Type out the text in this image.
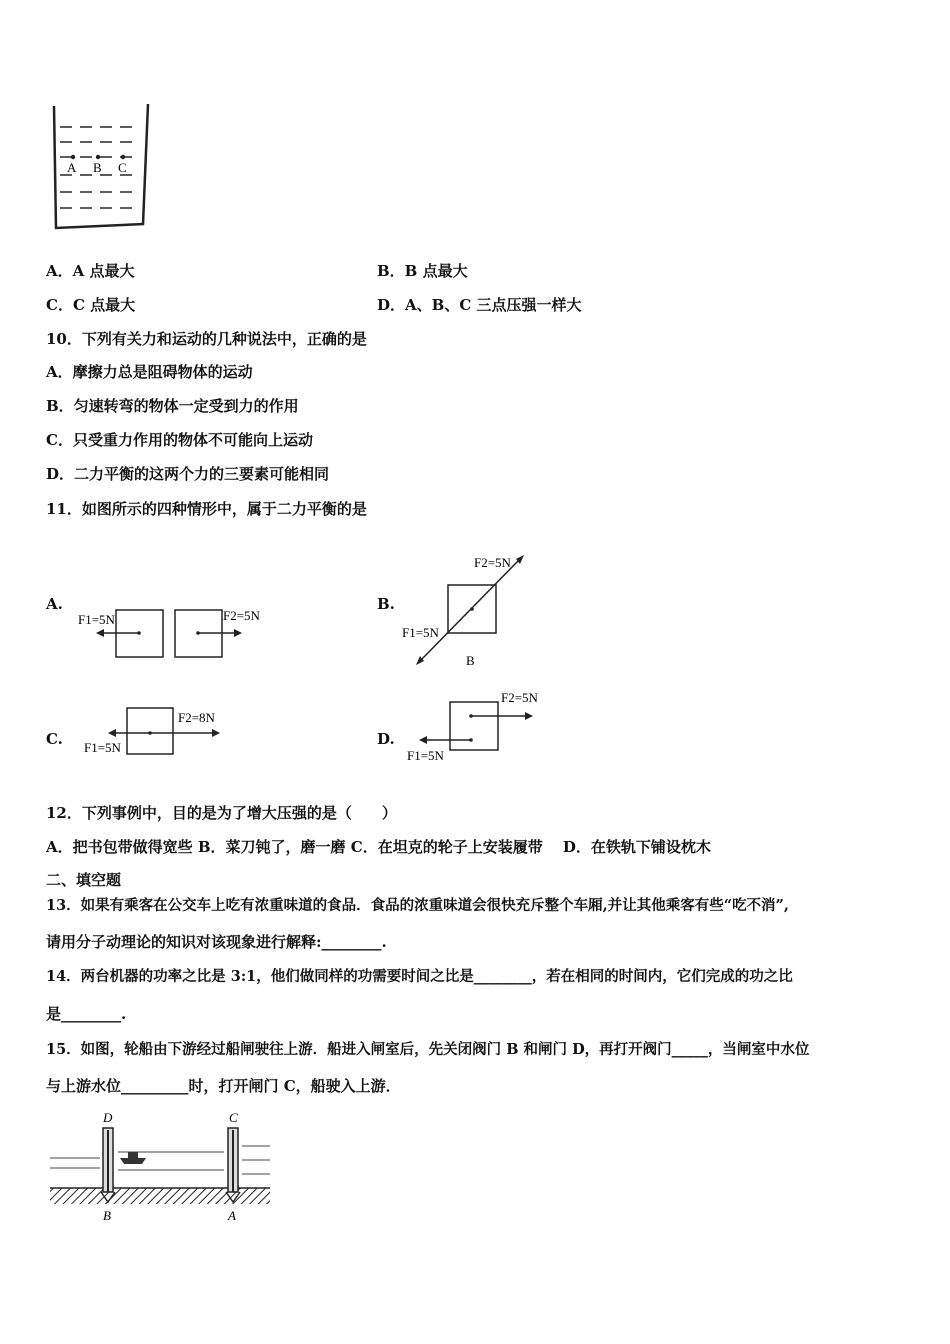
A B C
A．A 点最大	B．B 点最大
C．C 点最大	D．A、B、C 三点压强一样大
10．下列有关力和运动的几种说法中，正确的是
A．摩擦力总是阻碍物体的运动
B．匀速转弯的物体一定受到力的作用
C．只受重力作用的物体不可能向上运动
D．二力平衡的这两个力的三要素可能相同
11．如图所示的四种情形中，属于二力平衡的是
A.	B.
C.	D.
F1=5N	F2=5N
F2=5N
F1=5N
B
F2=8N
F1=5N
F2=5N
F1=5N
12．下列事例中，目的是为了增大压强的是（　　）
A．把书包带做得宽些 B．菜刀钝了，磨一磨 C．在坦克的轮子上安装履带　 D．在铁轨下铺设枕木
二、填空题
13．如果有乘客在公交车上吃有浓重味道的食品．食品的浓重味道会很快充斥整个车厢,并让其他乘客有些“吃不消”,
请用分子动理论的知识对该现象进行解释:________.
14．两台机器的功率之比是 3:1，他们做同样的功需要时间之比是________，若在相同的时间内，它们完成的功之比
是________.
15．如图，轮船由下游经过船闸驶往上游．船进入闸室后，先关闭阀门 B 和闸门 D，再打开阀门_____，当闸室中水位
与上游水位_________时，打开闸门 C，船驶入上游．
D	C
B	A
